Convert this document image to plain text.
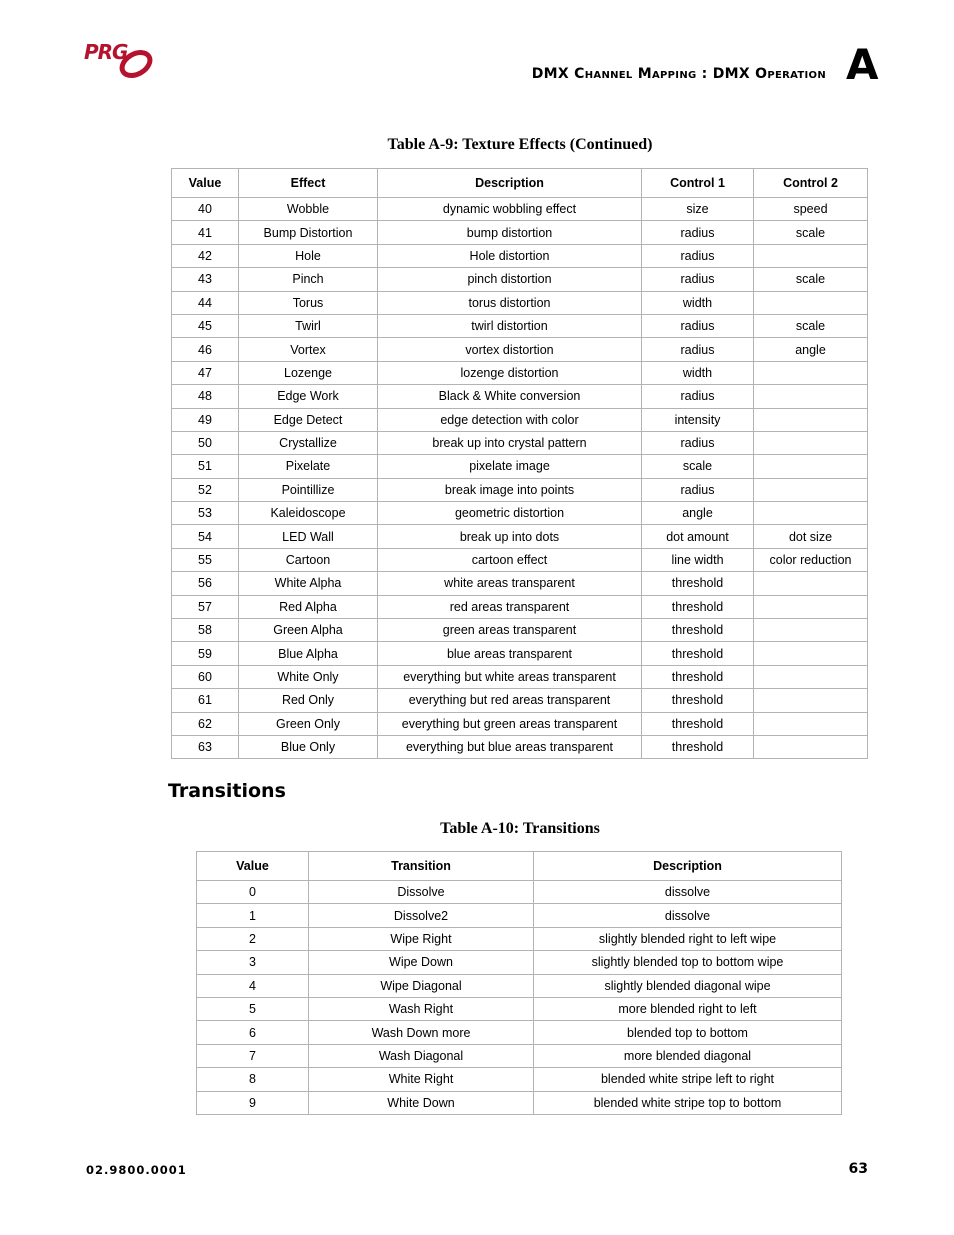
PRG
DMX Channel Mapping : DMX Operation A
Table A-9: Texture Effects (Continued)
Value	Effect	Description	Control 1	Control 2
40	Wobble	dynamic wobbling effect	size	speed
41	Bump Distortion	bump distortion	radius	scale
42	Hole	Hole distortion	radius	
43	Pinch	pinch distortion	radius	scale
44	Torus	torus distortion	width	
45	Twirl	twirl distortion	radius	scale
46	Vortex	vortex distortion	radius	angle
47	Lozenge	lozenge distortion	width	
48	Edge Work	Black & White conversion	radius	
49	Edge Detect	edge detection with color	intensity	
50	Crystallize	break up into crystal pattern	radius	
51	Pixelate	pixelate image	scale	
52	Pointillize	break image into points	radius	
53	Kaleidoscope	geometric distortion	angle	
54	LED Wall	break up into dots	dot amount	dot size
55	Cartoon	cartoon effect	line width	color reduction
56	White Alpha	white areas transparent	threshold	
57	Red Alpha	red areas transparent	threshold	
58	Green Alpha	green areas transparent	threshold	
59	Blue Alpha	blue areas transparent	threshold	
60	White Only	everything but white areas transparent	threshold	
61	Red Only	everything but red areas transparent	threshold	
62	Green Only	everything but green areas transparent	threshold	
63	Blue Only	everything but blue areas transparent	threshold	
Transitions
Table A-10: Transitions
Value	Transition	Description
0	Dissolve	dissolve
1	Dissolve2	dissolve
2	Wipe Right	slightly blended right to left wipe
3	Wipe Down	slightly blended top to bottom wipe
4	Wipe Diagonal	slightly blended diagonal wipe
5	Wash Right	more blended right to left
6	Wash Down more	blended top to bottom
7	Wash Diagonal	more blended diagonal
8	White Right	blended white stripe left to right
9	White Down	blended white stripe top to bottom
02.9800.0001	63
